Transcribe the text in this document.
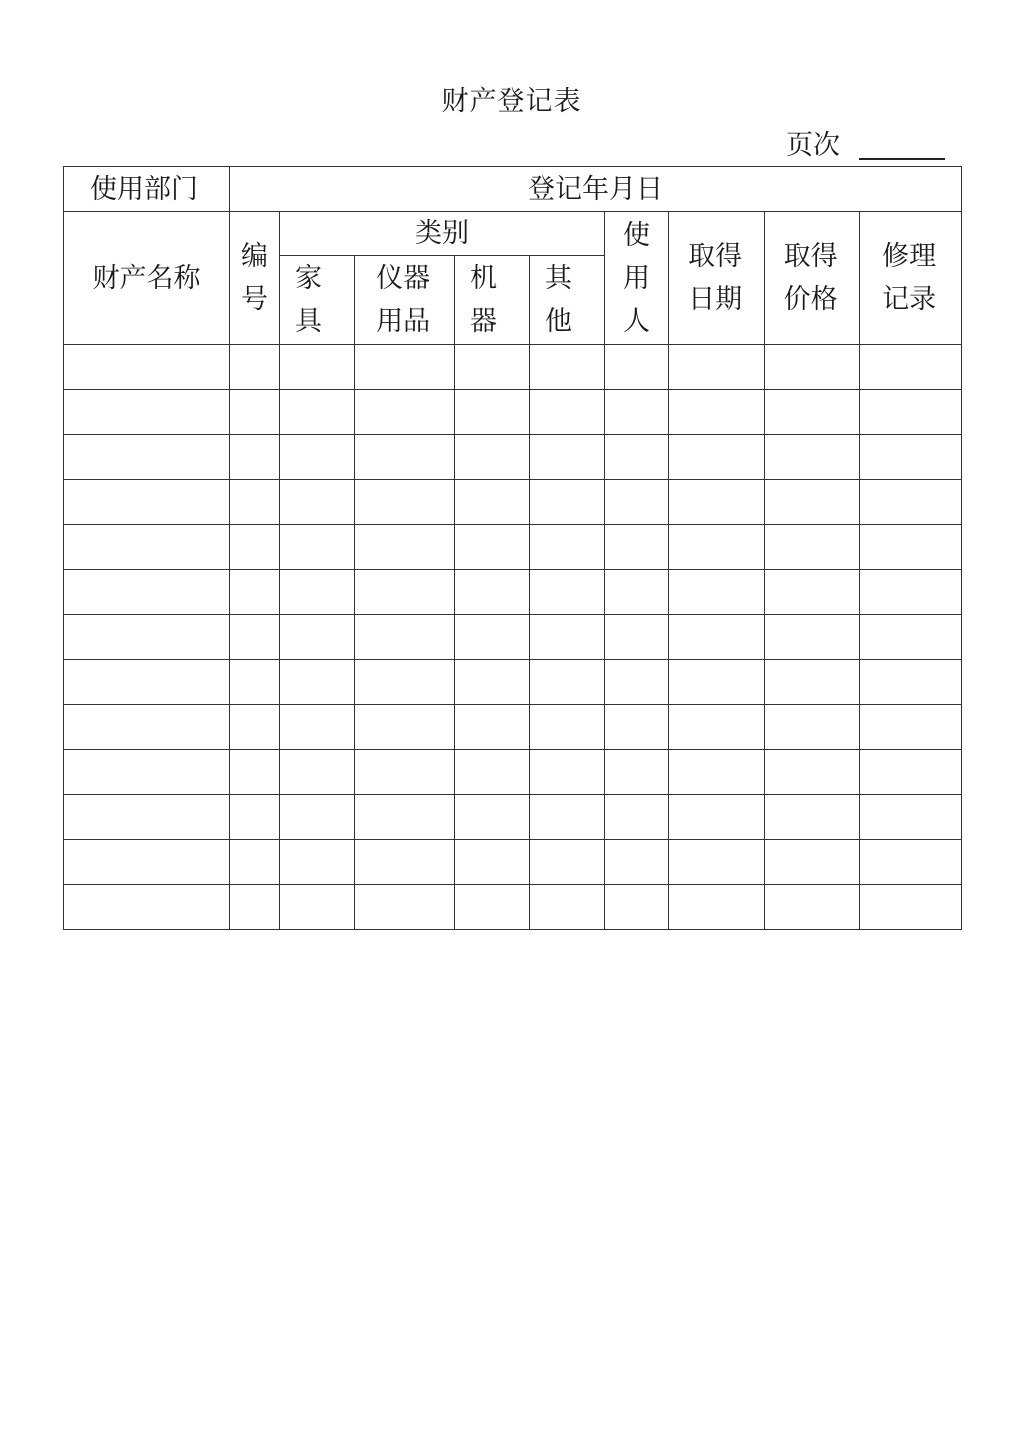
财产登记表
页次
使用部门	登记年月日								
财产名称	编号	类别				使用人	取得日期	取得价格	修理记录
		家具	仪器用品	机器	其他				
